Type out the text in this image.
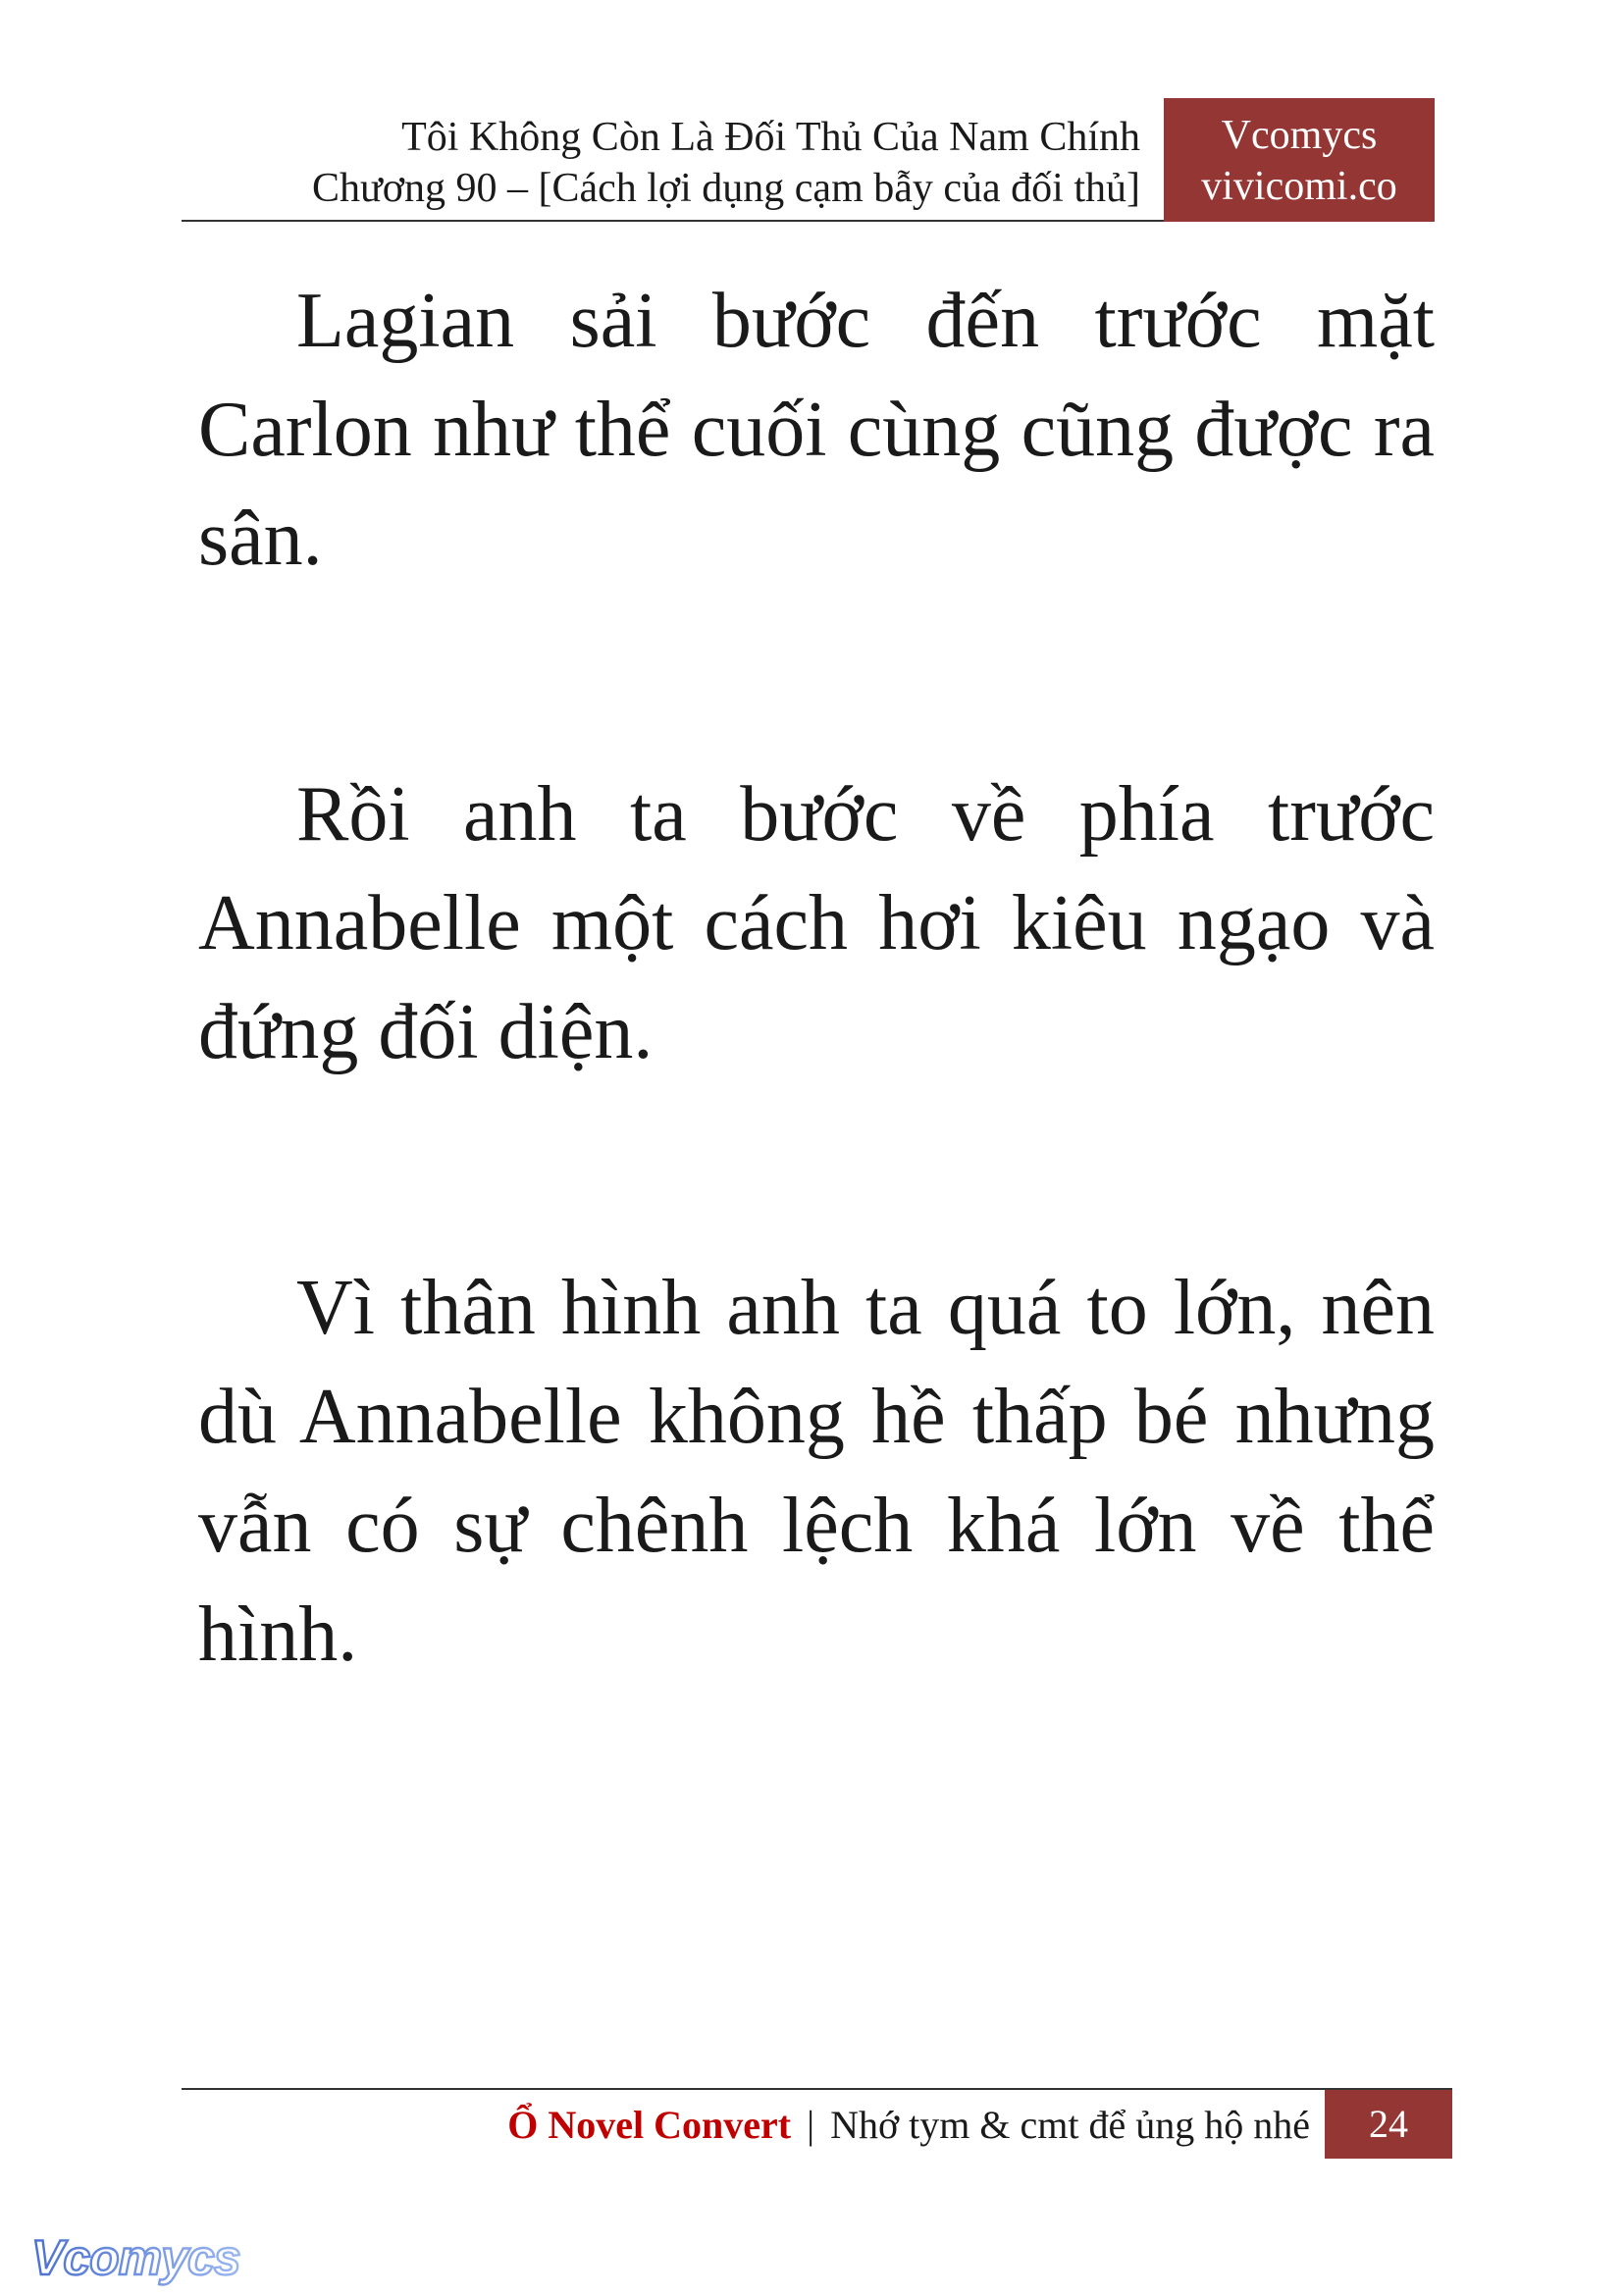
Tôi Không Còn Là Đối Thủ Của Nam Chính
Chương 90 – [Cách lợi dụng cạm bẫy của đối thủ]
Vcomycs
vivicomi.co

Lagian sải bước đến trước mặt Carlon như thể cuối cùng cũng được ra sân.

Rồi anh ta bước về phía trước Annabelle một cách hơi kiêu ngạo và đứng đối diện.

Vì thân hình anh ta quá to lớn, nên dù Annabelle không hề thấp bé nhưng vẫn có sự chênh lệch khá lớn về thể hình.

Ổ Novel Convert | Nhớ tym & cmt để ủng hộ nhé	24
Vcomycs
